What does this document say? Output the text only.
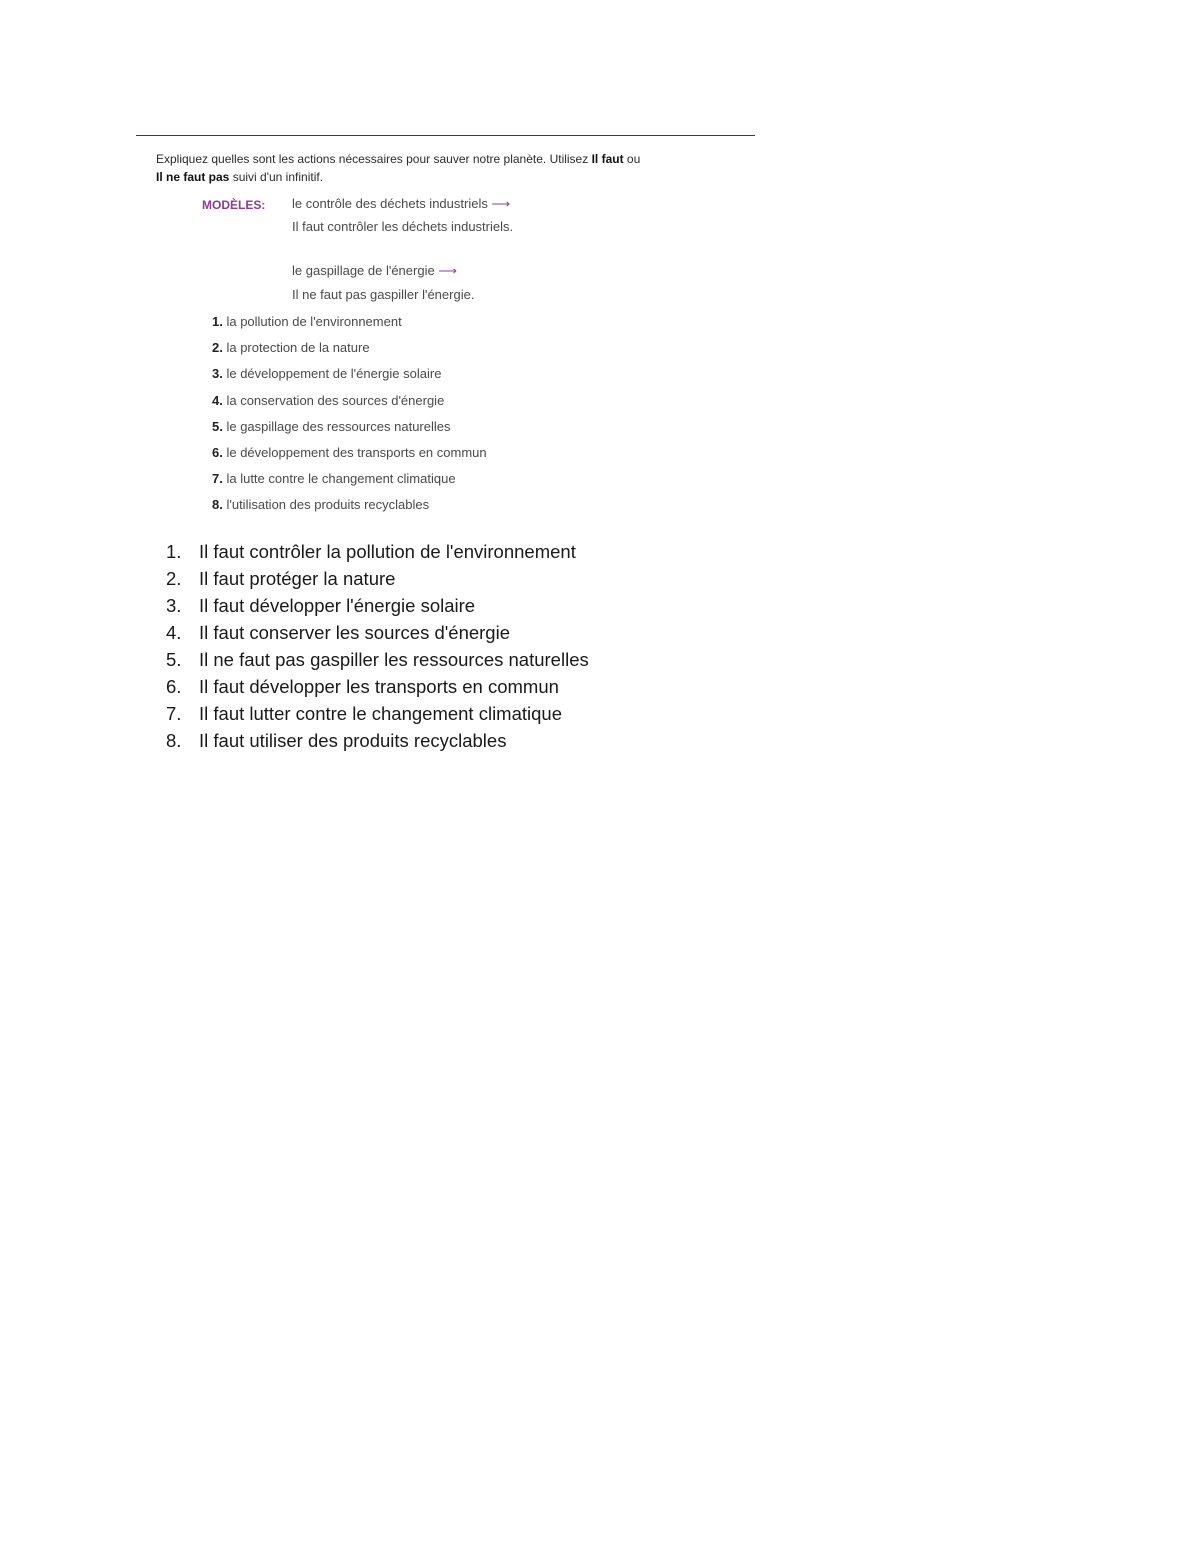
Expliquez quelles sont les actions nécessaires pour sauver notre planète. Utilisez Il faut ou
Il ne faut pas suivi d'un infinitif.
MODÈLES: le contrôle des déchets industriels ⟶
Il faut contrôler les déchets industriels.
le gaspillage de l'énergie ⟶
Il ne faut pas gaspiller l'énergie.
1. la pollution de l'environnement
2. la protection de la nature
3. le développement de l'énergie solaire
4. la conservation des sources d'énergie
5. le gaspillage des ressources naturelles
6. le développement des transports en commun
7. la lutte contre le changement climatique
8. l'utilisation des produits recyclables
1. Il faut contrôler la pollution de l'environnement
2. Il faut protéger la nature
3. Il faut développer l'énergie solaire
4. Il faut conserver les sources d'énergie
5. Il ne faut pas gaspiller les ressources naturelles
6. Il faut développer les transports en commun
7. Il faut lutter contre le changement climatique
8. Il faut utiliser des produits recyclables
